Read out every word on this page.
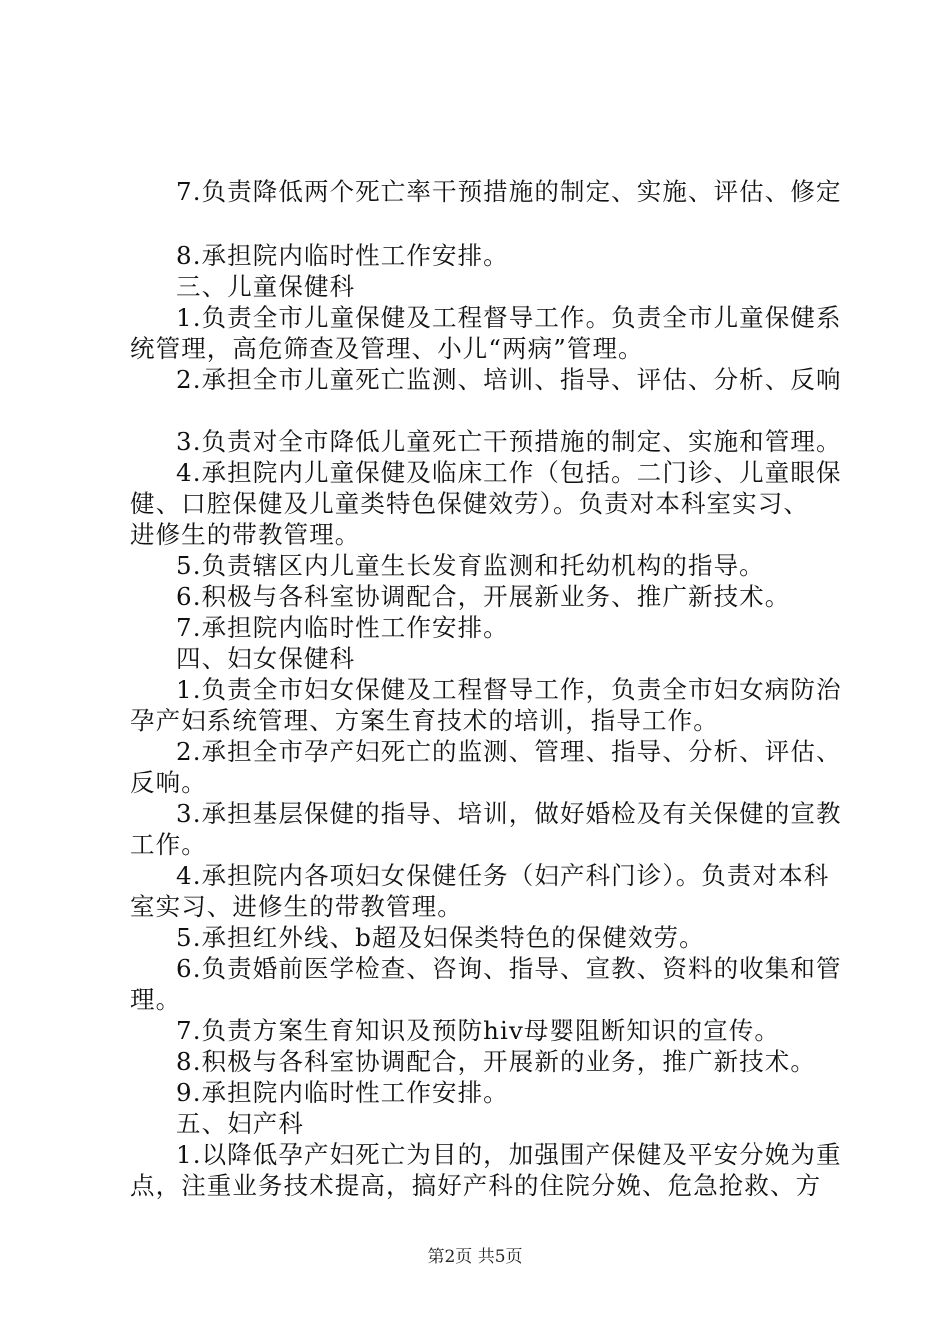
7.负责降低两个死亡率干预措施的制定、实施、评估、修定
8.承担院内临时性工作安排。
三、儿童保健科
1.负责全市儿童保健及工程督导工作。负责全市儿童保健系
统管理，高危筛查及管理、小儿“两病”管理。
2.承担全市儿童死亡监测、培训、指导、评估、分析、反响
3.负责对全市降低儿童死亡干预措施的制定、实施和管理。
4.承担院内儿童保健及临床工作（包括。二门诊、儿童眼保
健、口腔保健及儿童类特色保健效劳）。负责对本科室实习、
进修生的带教管理。
5.负责辖区内儿童生长发育监测和托幼机构的指导。
6.积极与各科室协调配合，开展新业务、推广新技术。
7.承担院内临时性工作安排。
四、妇女保健科
1.负责全市妇女保健及工程督导工作，负责全市妇女病防治
孕产妇系统管理、方案生育技术的培训，指导工作。
2.承担全市孕产妇死亡的监测、管理、指导、分析、评估、
反响。
3.承担基层保健的指导、培训，做好婚检及有关保健的宣教
工作。
4.承担院内各项妇女保健任务（妇产科门诊）。负责对本科
室实习、进修生的带教管理。
5.承担红外线、b超及妇保类特色的保健效劳。
6.负责婚前医学检查、咨询、指导、宣教、资料的收集和管
理。
7.负责方案生育知识及预防hiv母婴阻断知识的宣传。
8.积极与各科室协调配合，开展新的业务，推广新技术。
9.承担院内临时性工作安排。
五、妇产科
1.以降低孕产妇死亡为目的，加强围产保健及平安分娩为重
点，注重业务技术提高，搞好产科的住院分娩、危急抢救、方
第2页 共5页
